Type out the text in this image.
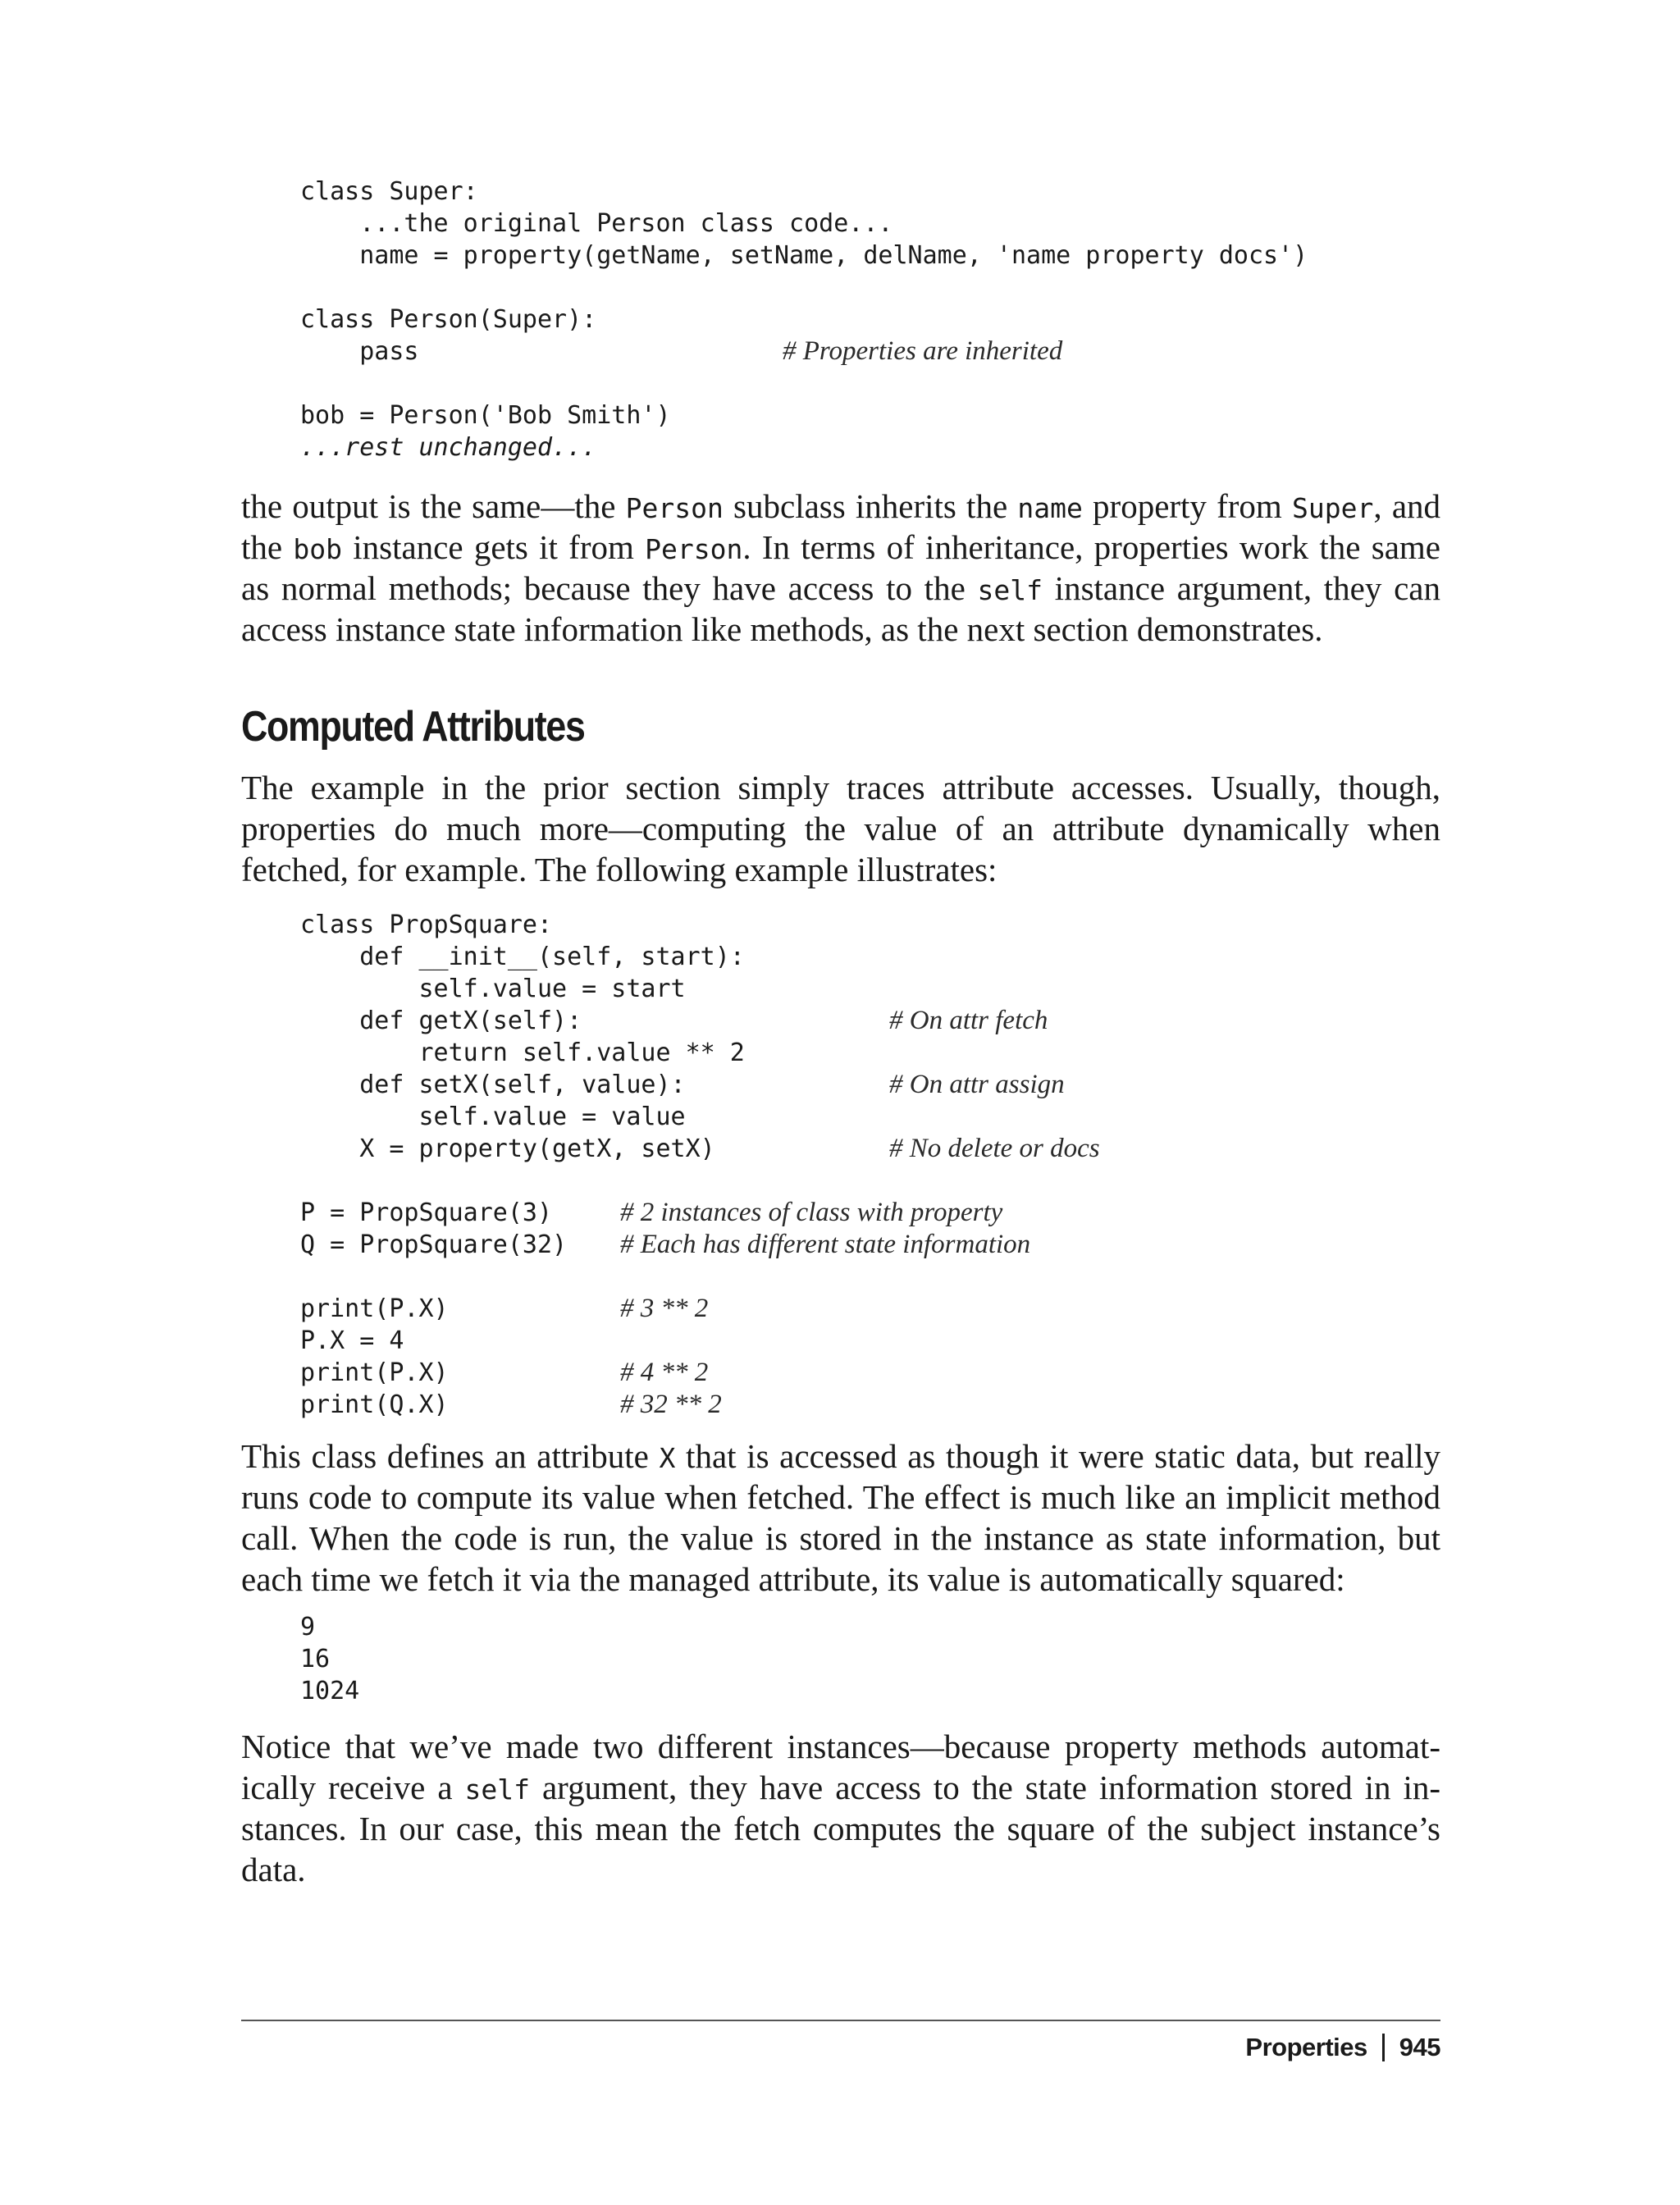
class Super:
...the original Person class code...
name = property(getName, setName, delName, 'name property docs')
class Person(Super):
pass	# Properties are inherited
bob = Person('Bob Smith')
...rest unchanged...
the output is the same—the Person subclass inherits the name property from Super, and
the bob instance gets it from Person. In terms of inheritance, properties work the same
as normal methods; because they have access to the self instance argument, they can
access instance state information like methods, as the next section demonstrates.
Computed Attributes
The example in the prior section simply traces attribute accesses. Usually, though,
properties do much more—computing the value of an attribute dynamically when
fetched, for example. The following example illustrates:
class PropSquare:
def __init__(self, start):
self.value = start
def getX(self):	# On attr fetch
return self.value ** 2
def setX(self, value):	# On attr assign
self.value = value
X = property(getX, setX)	# No delete or docs
P = PropSquare(3)	# 2 instances of class with property
Q = PropSquare(32) # Each has different state information
print(P.X)	# 3 ** 2
P.X = 4
print(P.X)	# 4 ** 2
print(Q.X)	# 32 ** 2
This class defines an attribute X that is accessed as though it were static data, but really
runs code to compute its value when fetched. The effect is much like an implicit method
call. When the code is run, the value is stored in the instance as state information, but
each time we fetch it via the managed attribute, its value is automatically squared:
9
16
1024
Notice that we’ve made two different instances—because property methods automat-
ically receive a self argument, they have access to the state information stored in in-
stances. In our case, this mean the fetch computes the square of the subject instance’s
data.
Properties 945
